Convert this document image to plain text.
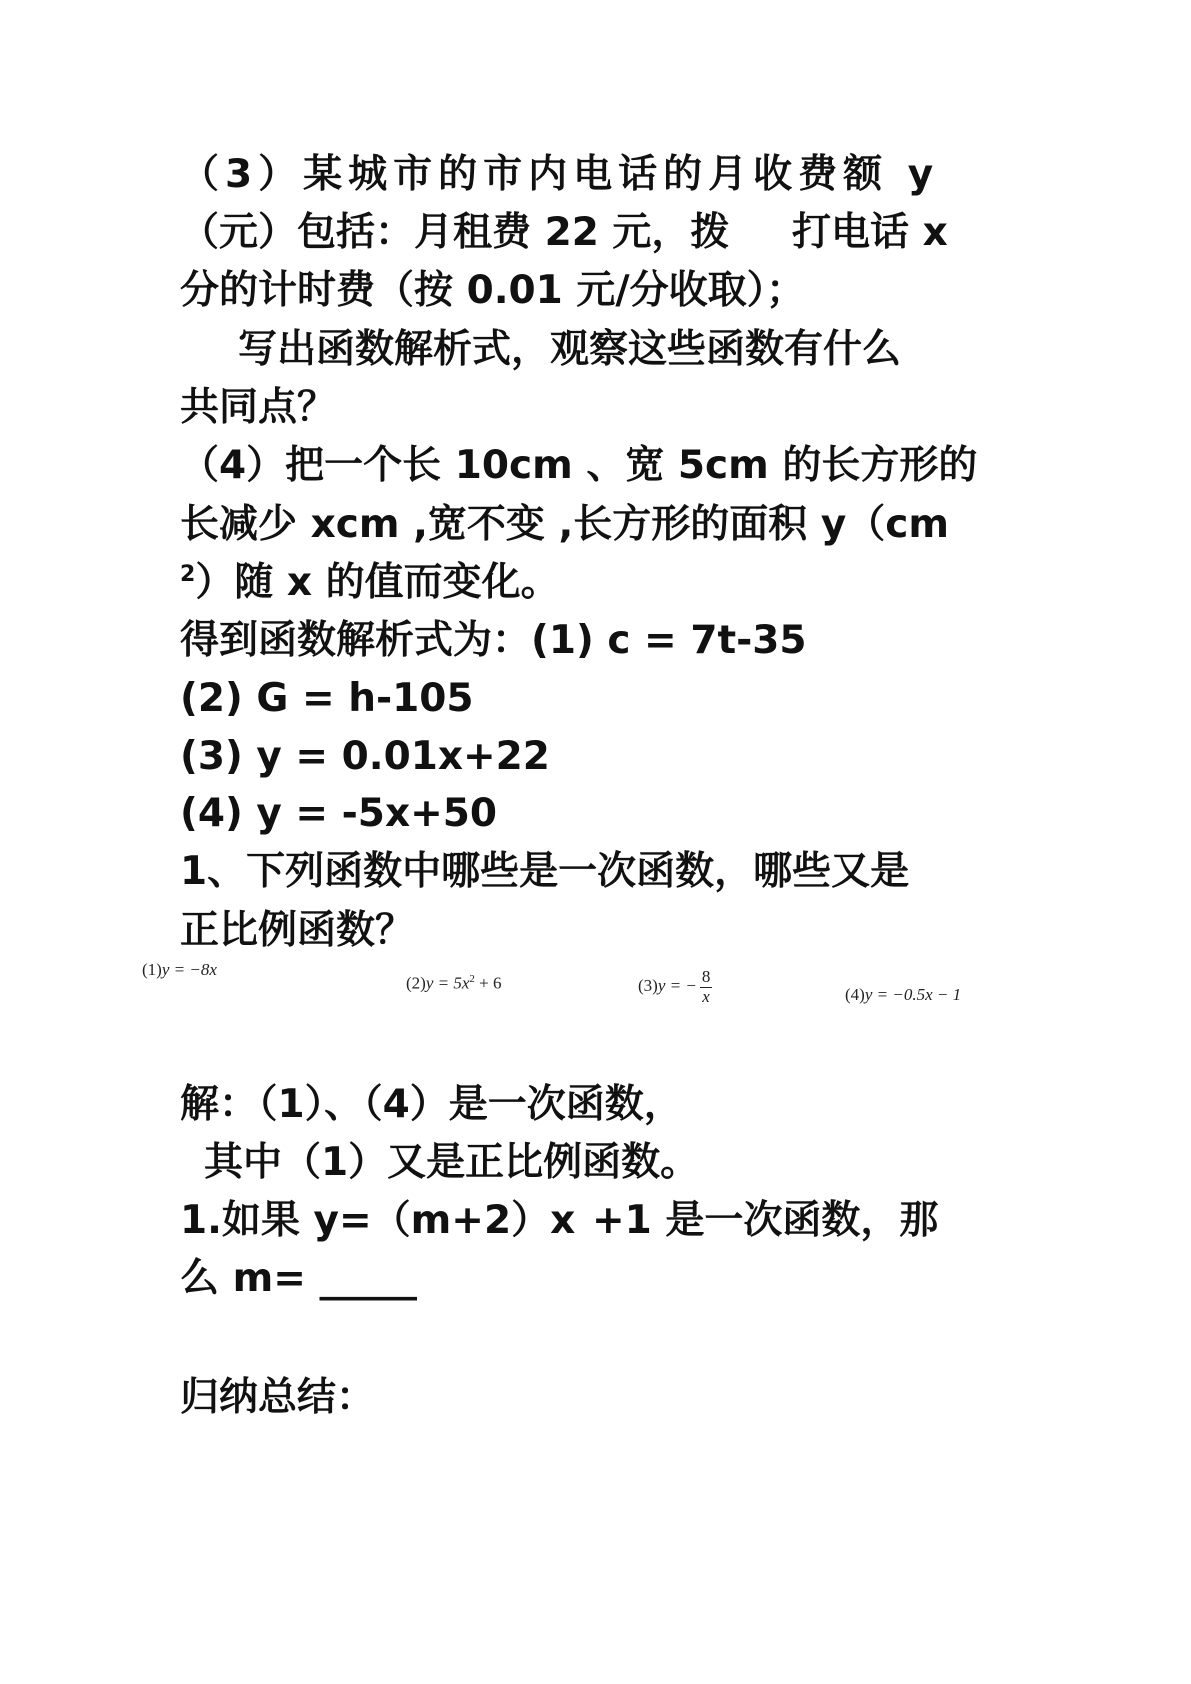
（3）某城市的市内电话的月收费额 y
（元）包括：月租费 22 元，拨 打电话 x
分的计时费（按 0.01 元/分收取）；
写出函数解析式，观察这些函数有什么
共同点？
（4）把一个长 10cm 、宽 5cm 的长方形的
长减少 xcm ,宽不变 ,长方形的面积 y（cm
$^2$）随 x 的值而变化。
得到函数解析式为：(1) c = 7t-35
(2) G = h-105
(3) y = 0.01x+22
(4) y = -5x+50
1、下列函数中哪些是一次函数，哪些又是
正比例函数？
(1)y = −8x
$(2)y = 5x^2 + 6$	(3)y = − $\frac{8}{x}$	(4)y = −0.5x − 1
解：（1）、（4）是一次函数，
其中（1）又是正比例函数。
1.如果 y=（m+2）x +1 是一次函数，那
么 m= _____
归纳总结：
